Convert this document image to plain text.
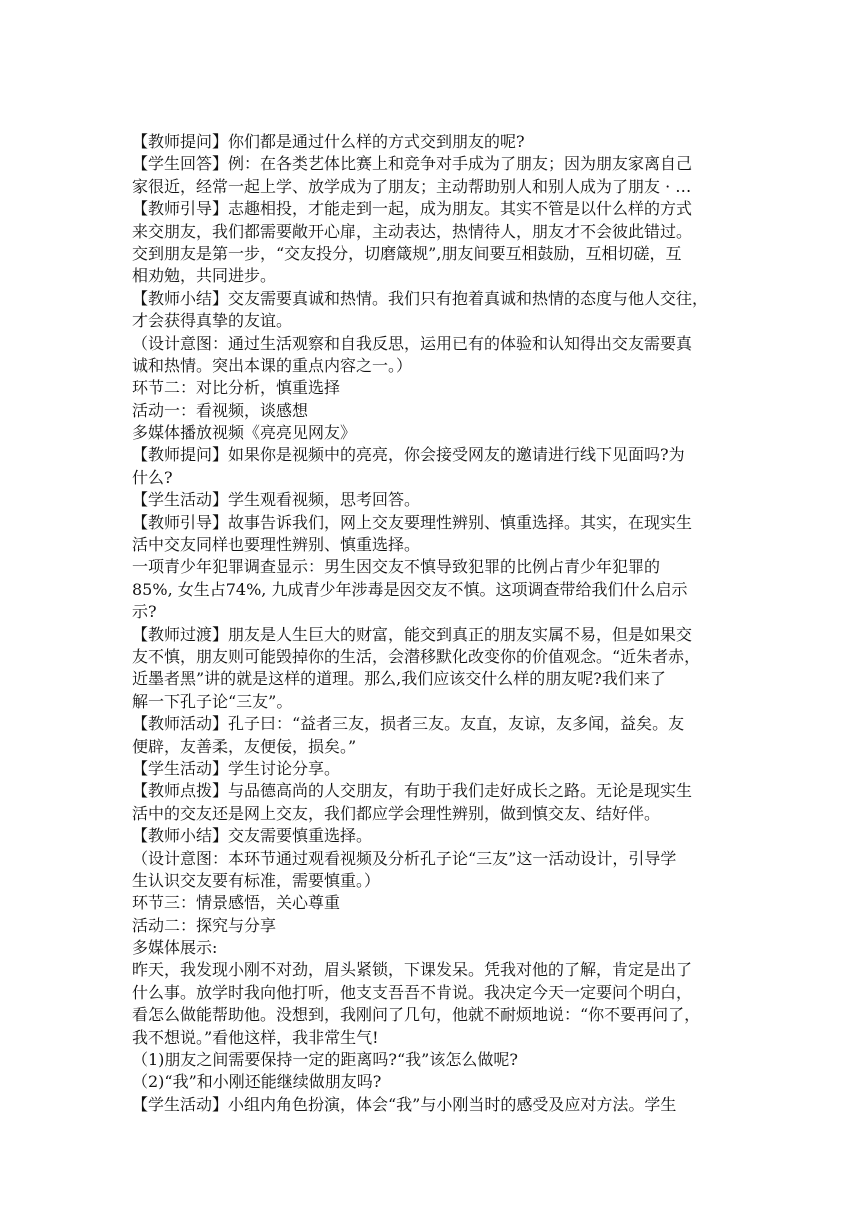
【教师提问】你们都是通过什么样的方式交到朋友的呢?
【学生回答】例：在各类艺体比赛上和竞争对手成为了朋友；因为朋友家离自己
家很近，经常一起上学、放学成为了朋友；主动帮助别人和别人成为了朋友 · …
【教师引导】志趣相投，才能走到一起，成为朋友。其实不管是以什么样的方式
来交朋友，我们都需要敞开心扉，主动表达，热情待人，朋友才不会彼此错过。
交到朋友是第一步，“交友投分，切磨箴规”,朋友间要互相鼓励，互相切磋，互
相劝勉，共同进步。
【教师小结】交友需要真诚和热情。我们只有抱着真诚和热情的态度与他人交往，
才会获得真挚的友谊。
（设计意图：通过生活观察和自我反思，运用已有的体验和认知得出交友需要真
诚和热情。突出本课的重点内容之一。）
环节二：对比分析，慎重选择
活动一：看视频，谈感想
多媒体播放视频《亮亮见网友》
【教师提问】如果你是视频中的亮亮，你会接受网友的邀请进行线下见面吗?为
什么?
【学生活动】学生观看视频，思考回答。
【教师引导】故事告诉我们，网上交友要理性辨别、慎重选择。其实，在现实生
活中交友同样也要理性辨别、慎重选择。
一项青少年犯罪调查显示：男生因交友不慎导致犯罪的比例占青少年犯罪的
85%, 女生占74%, 九成青少年涉毒是因交友不慎。这项调查带给我们什么启示
示?
【教师过渡】朋友是人生巨大的财富，能交到真正的朋友实属不易，但是如果交
友不慎，朋友则可能毁掉你的生活，会潜移默化改变你的价值观念。“近朱者赤，
近墨者黑”讲的就是这样的道理。那么,我们应该交什么样的朋友呢?我们来了
解一下孔子论“三友”。
【教师活动】孔子曰：“益者三友，损者三友。友直，友谅，友多闻，益矣。友
便辟，友善柔，友便佞，损矣。”
【学生活动】学生讨论分享。
【教师点拨】与品德高尚的人交朋友，有助于我们走好成长之路。无论是现实生
活中的交友还是网上交友，我们都应学会理性辨别，做到慎交友、结好伴。
【教师小结】交友需要慎重选择。
（设计意图：本环节通过观看视频及分析孔子论“三友”这一活动设计，引导学
生认识交友要有标准，需要慎重。）
环节三：情景感悟，关心尊重
活动二：探究与分享
多媒体展示:
昨天，我发现小刚不对劲，眉头紧锁，下课发呆。凭我对他的了解，肯定是出了
什么事。放学时我向他打听，他支支吾吾不肯说。我决定今天一定要问个明白，
看怎么做能帮助他。没想到，我刚问了几句，他就不耐烦地说：“你不要再问了，
我不想说。”看他这样，我非常生气!
（1)朋友之间需要保持一定的距离吗?“我”该怎么做呢?
（2)“我”和小刚还能继续做朋友吗?
【学生活动】小组内角色扮演，体会“我”与小刚当时的感受及应对方法。学生
